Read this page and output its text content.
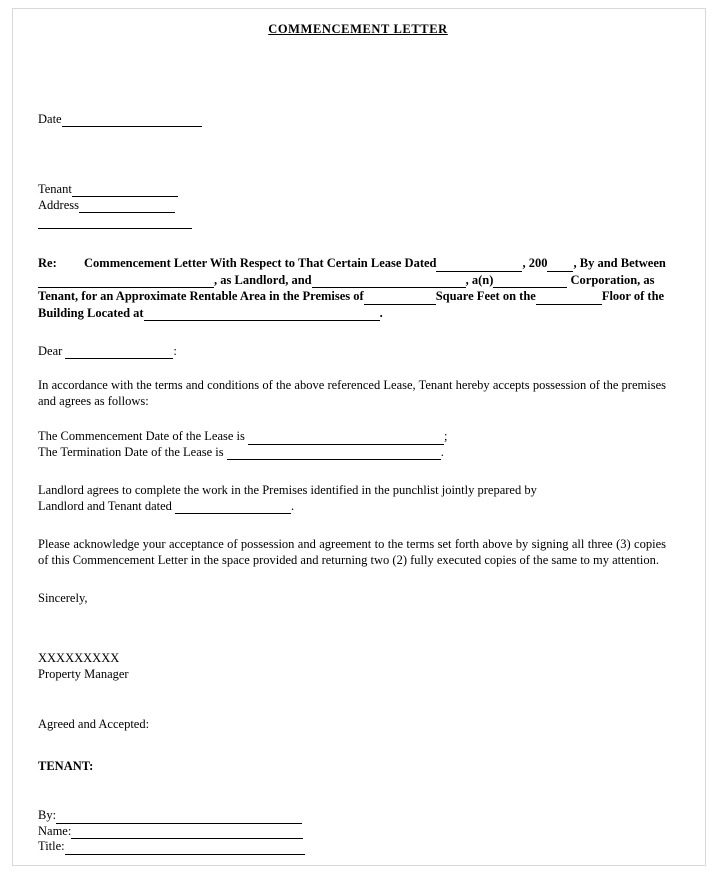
COMMENCEMENT LETTER
Date
Tenant
Address
Re: Commencement Letter With Respect to That Certain Lease Dated	, 200 , By and Between, as Landlord, and	, a(n)	Corporation, as Tenant, for an Approximate Rentable Area in the Premises of	Square Feet on the	Floor of the Building Located at	.
Dear	:
In accordance with the terms and conditions of the above referenced Lease, Tenant hereby accepts possession of the premises and agrees as follows:
The Commencement Date of the Lease is	;
The Termination Date of the Lease is	.
Landlord agrees to complete the work in the Premises identified in the punchlist jointly prepared by
Landlord and Tenant dated	.
Please acknowledge your acceptance of possession and agreement to the terms set forth above by signing all three (3) copies of this Commencement Letter in the space provided and returning two (2) fully executed copies of the same to my attention.
Sincerely,
XXXXXXXXX
Property Manager
Agreed and Accepted:
TENANT:
By:
Name:
Title:
